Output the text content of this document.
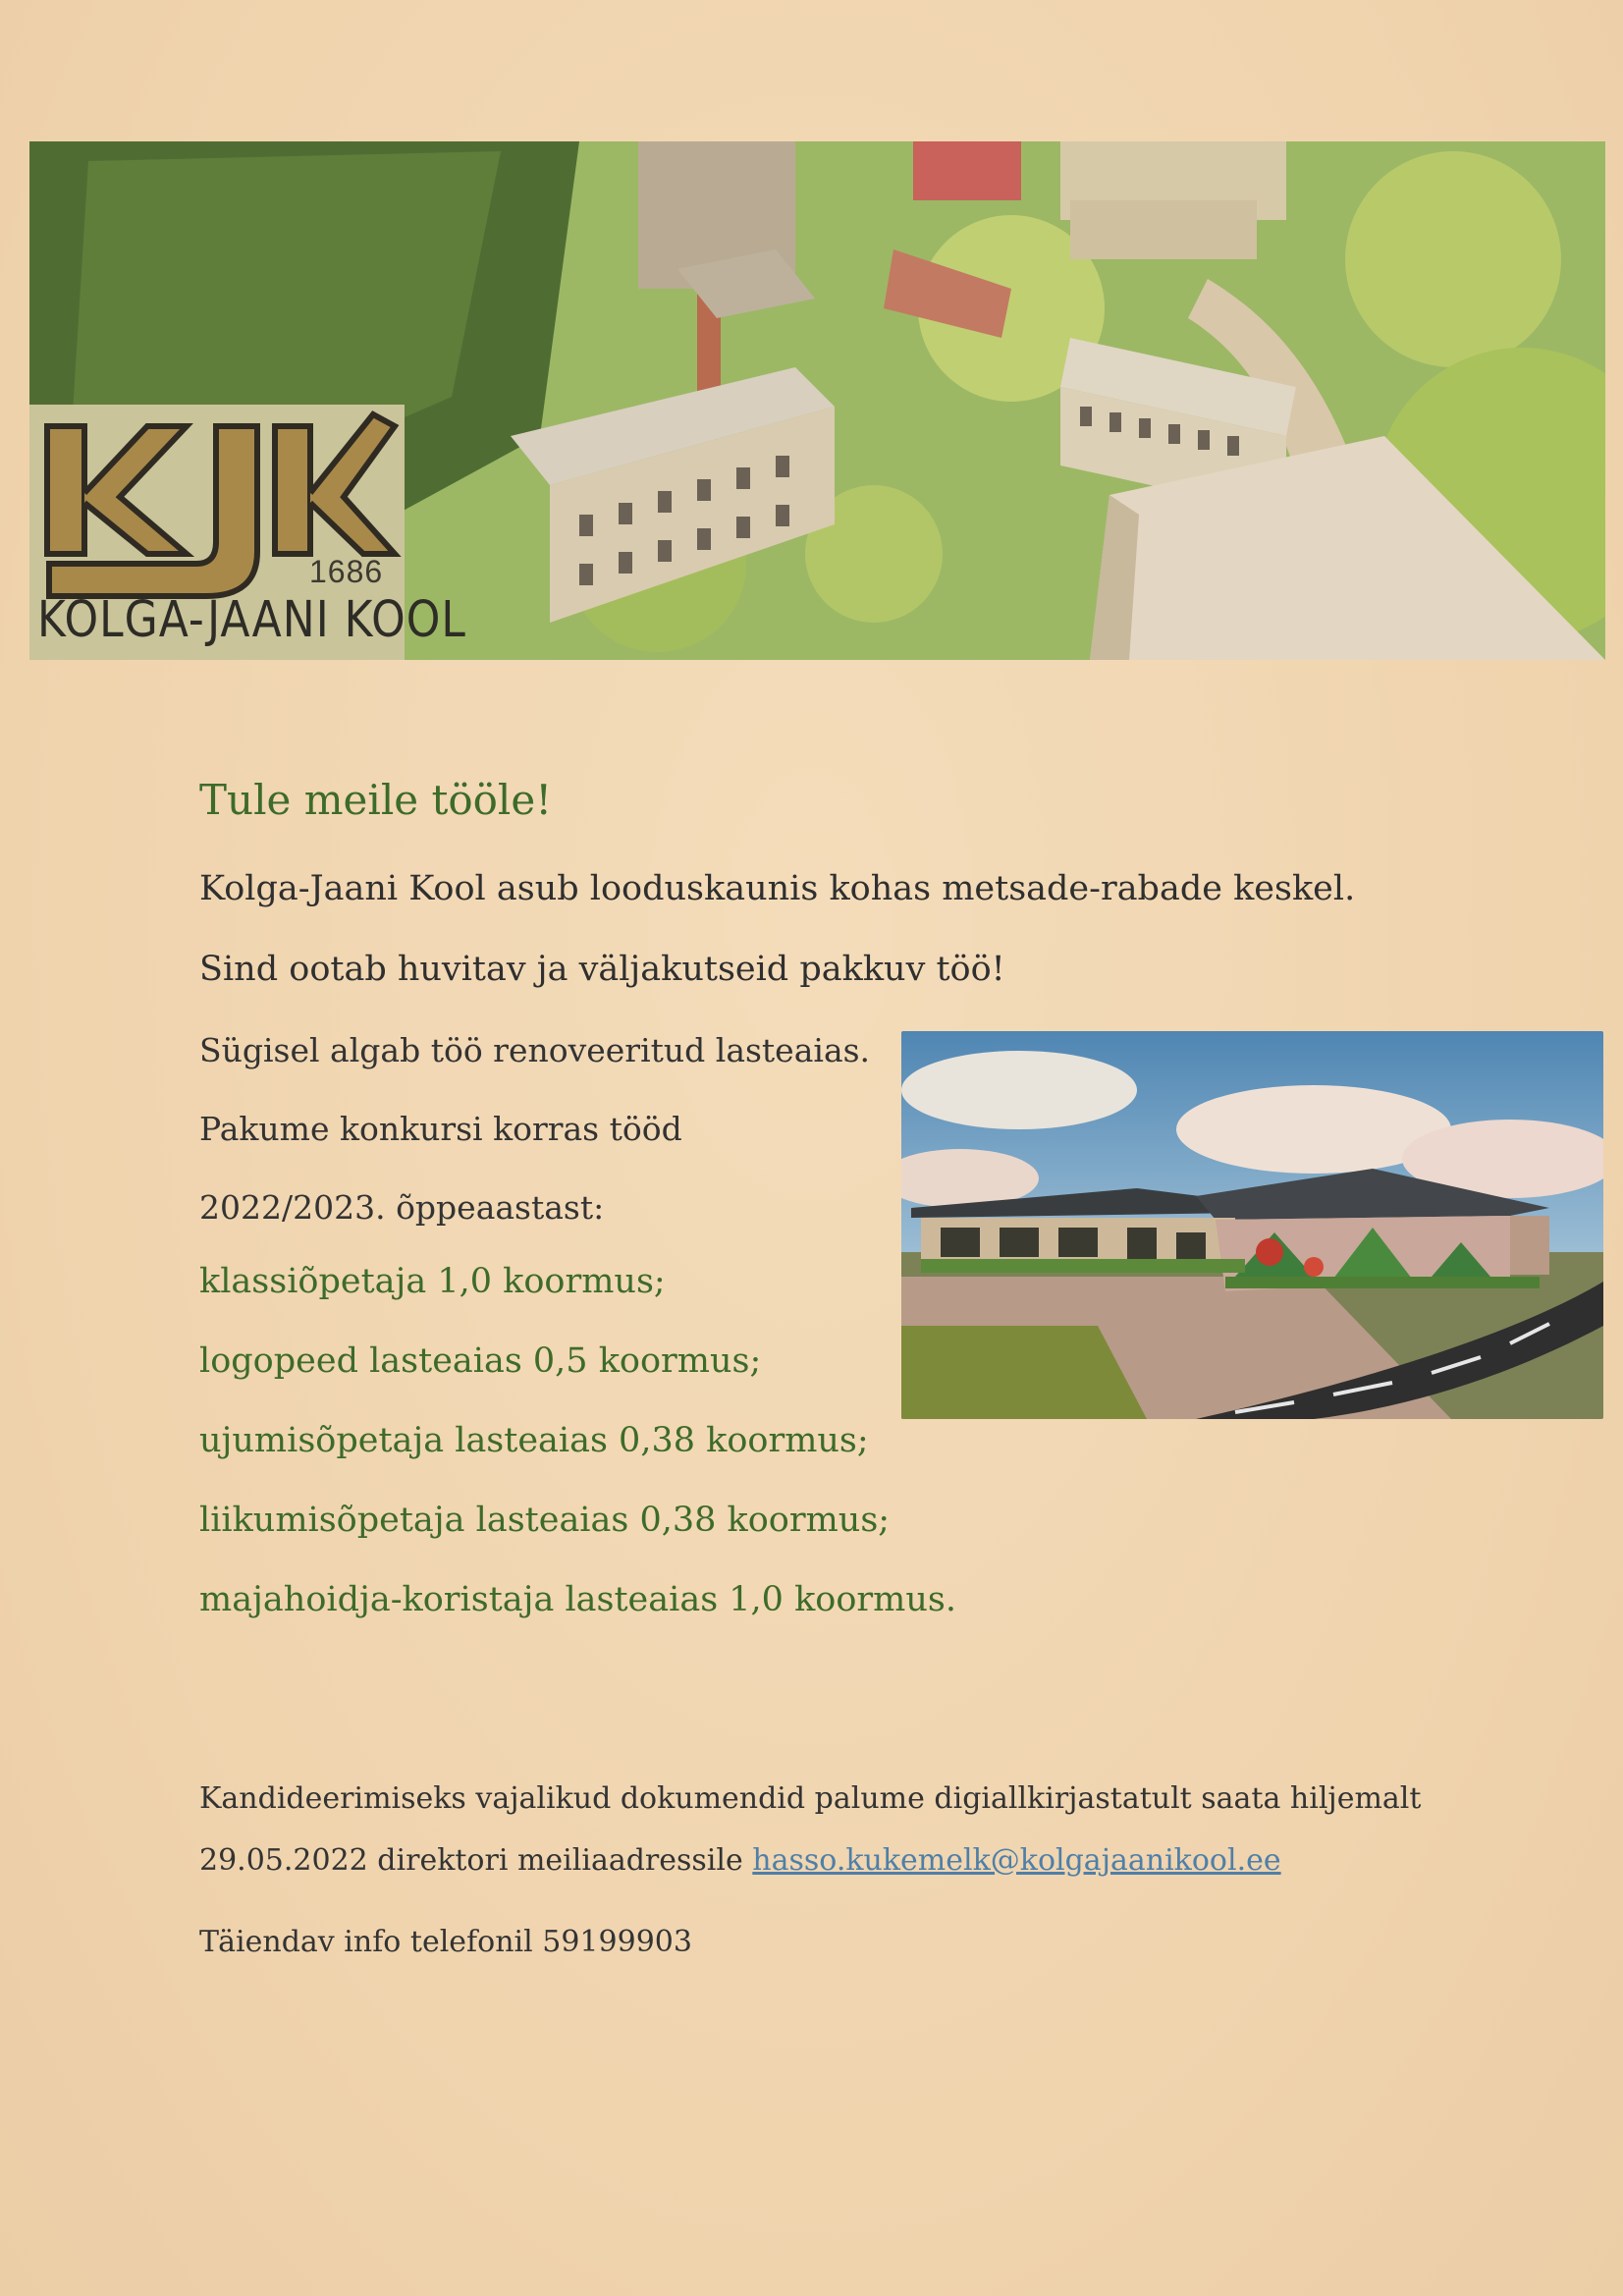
1686
KOLGA-JAANI KOOL
Tule meile tööle!

Kolga-Jaani Kool asub looduskaunis kohas metsade-rabade keskel.

Sind ootab huvitav ja väljakutseid pakkuv töö!

Sügisel algab töö renoveeritud lasteaias.

Pakume konkursi korras tööd

2022/2023. õppeaastast:

klassiõpetaja 1,0 koormus;
logopeed lasteaias 0,5 koormus;
ujumisõpetaja lasteaias 0,38 koormus;
liikumisõpetaja lasteaias 0,38 koormus;
majahoidja-koristaja lasteaias 1,0 koormus.

Kandideerimiseks vajalikud dokumendid palume digiallkirjastatult saata hiljemalt 29.05.2022 direktori meiliaadressile hasso.kukemelk@kolgajaanikool.ee

Täiendav info telefonil 59199903
